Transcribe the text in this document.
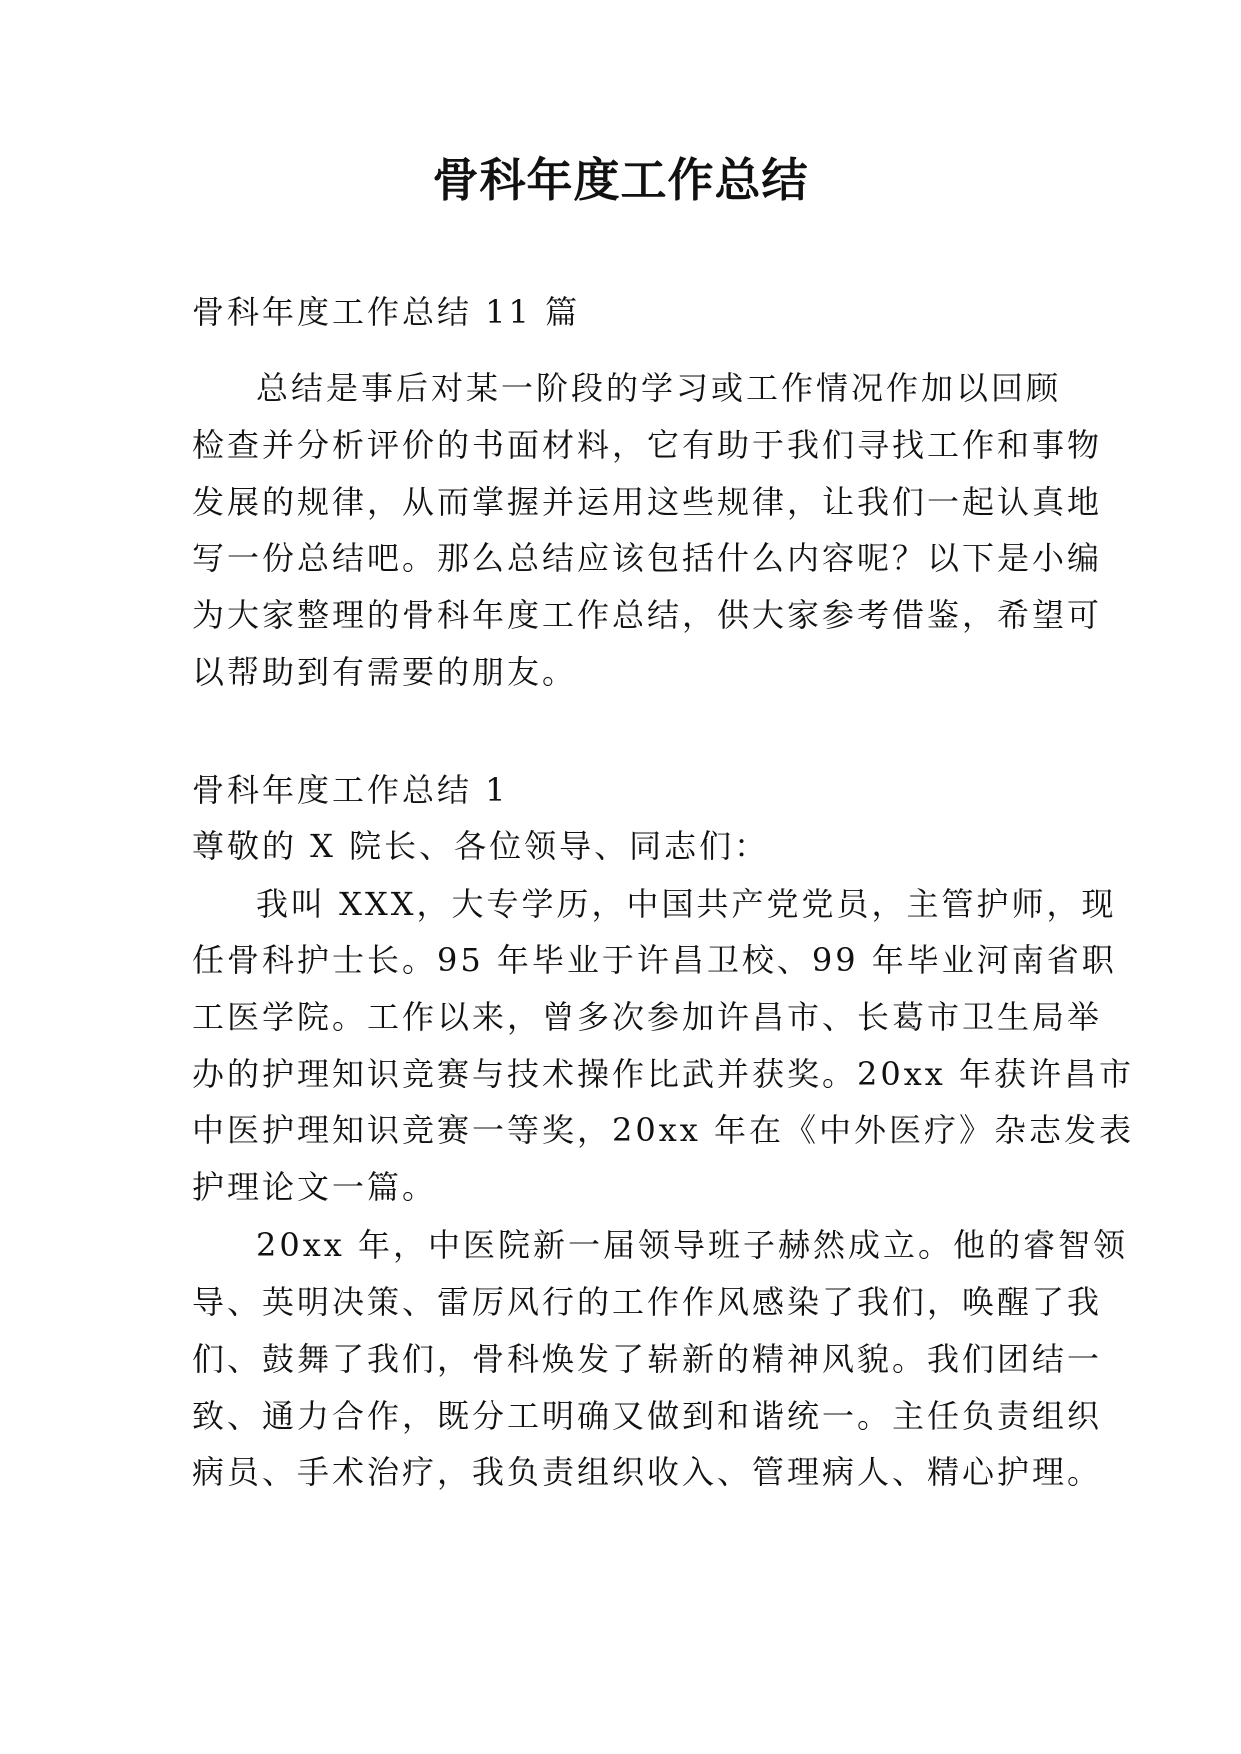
骨科年度工作总结
骨科年度工作总结 11 篇
总结是事后对某一阶段的学习或工作情况作加以回顾
检查并分析评价的书面材料，它有助于我们寻找工作和事物
发展的规律，从而掌握并运用这些规律，让我们一起认真地
写一份总结吧。那么总结应该包括什么内容呢？以下是小编
为大家整理的骨科年度工作总结，供大家参考借鉴，希望可
以帮助到有需要的朋友。
骨科年度工作总结 1
尊敬的 X 院长、各位领导、同志们：
我叫 XXX，大专学历，中国共产党党员，主管护师，现
任骨科护士长。95 年毕业于许昌卫校、99 年毕业河南省职
工医学院。工作以来，曾多次参加许昌市、长葛市卫生局举
办的护理知识竞赛与技术操作比武并获奖。20xx 年获许昌市
中医护理知识竞赛一等奖，20xx 年在《中外医疗》杂志发表
护理论文一篇。
20xx 年，中医院新一届领导班子赫然成立。他的睿智领
导、英明决策、雷厉风行的工作作风感染了我们，唤醒了我
们、鼓舞了我们，骨科焕发了崭新的精神风貌。我们团结一
致、通力合作，既分工明确又做到和谐统一。主任负责组织
病员、手术治疗，我负责组织收入、管理病人、精心护理。
